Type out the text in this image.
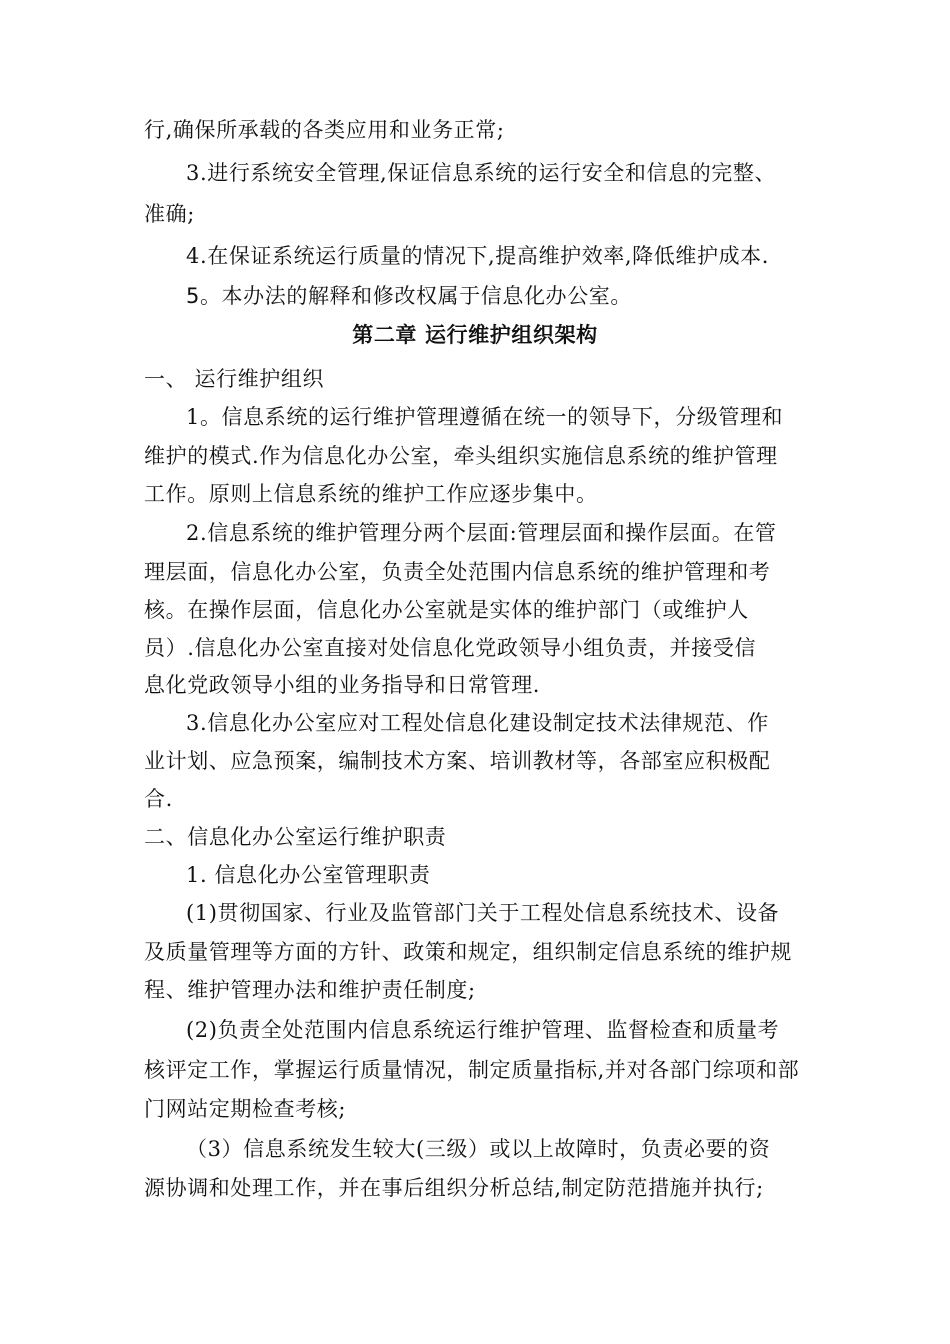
行,确保所承载的各类应用和业务正常;
3.进行系统安全管理,保证信息系统的运行安全和信息的完整、
准确;
4.在保证系统运行质量的情况下,提高维护效率,降低维护成本.
5。本办法的解释和修改权属于信息化办公室。
第二章 运行维护组织架构
一、 运行维护组织
1。信息系统的运行维护管理遵循在统一的领导下，分级管理和
维护的模式.作为信息化办公室，牵头组织实施信息系统的维护管理
工作。原则上信息系统的维护工作应逐步集中。
2.信息系统的维护管理分两个层面:管理层面和操作层面。在管
理层面，信息化办公室，负责全处范围内信息系统的维护管理和考
核。在操作层面，信息化办公室就是实体的维护部门（或维护人
员）.信息化办公室直接对处信息化党政领导小组负责，并接受信
息化党政领导小组的业务指导和日常管理.
3.信息化办公室应对工程处信息化建设制定技术法律规范、作
业计划、应急预案，编制技术方案、培训教材等，各部室应积极配
合.
二、信息化办公室运行维护职责
1. 信息化办公室管理职责
(1)贯彻国家、行业及监管部门关于工程处信息系统技术、设备
及质量管理等方面的方针、政策和规定，组织制定信息系统的维护规
程、维护管理办法和维护责任制度;
(2)负责全处范围内信息系统运行维护管理、监督检查和质量考
核评定工作，掌握运行质量情况，制定质量指标,并对各部门综项和部
门网站定期检查考核;
（3）信息系统发生较大(三级）或以上故障时，负责必要的资
源协调和处理工作，并在事后组织分析总结,制定防范措施并执行;
